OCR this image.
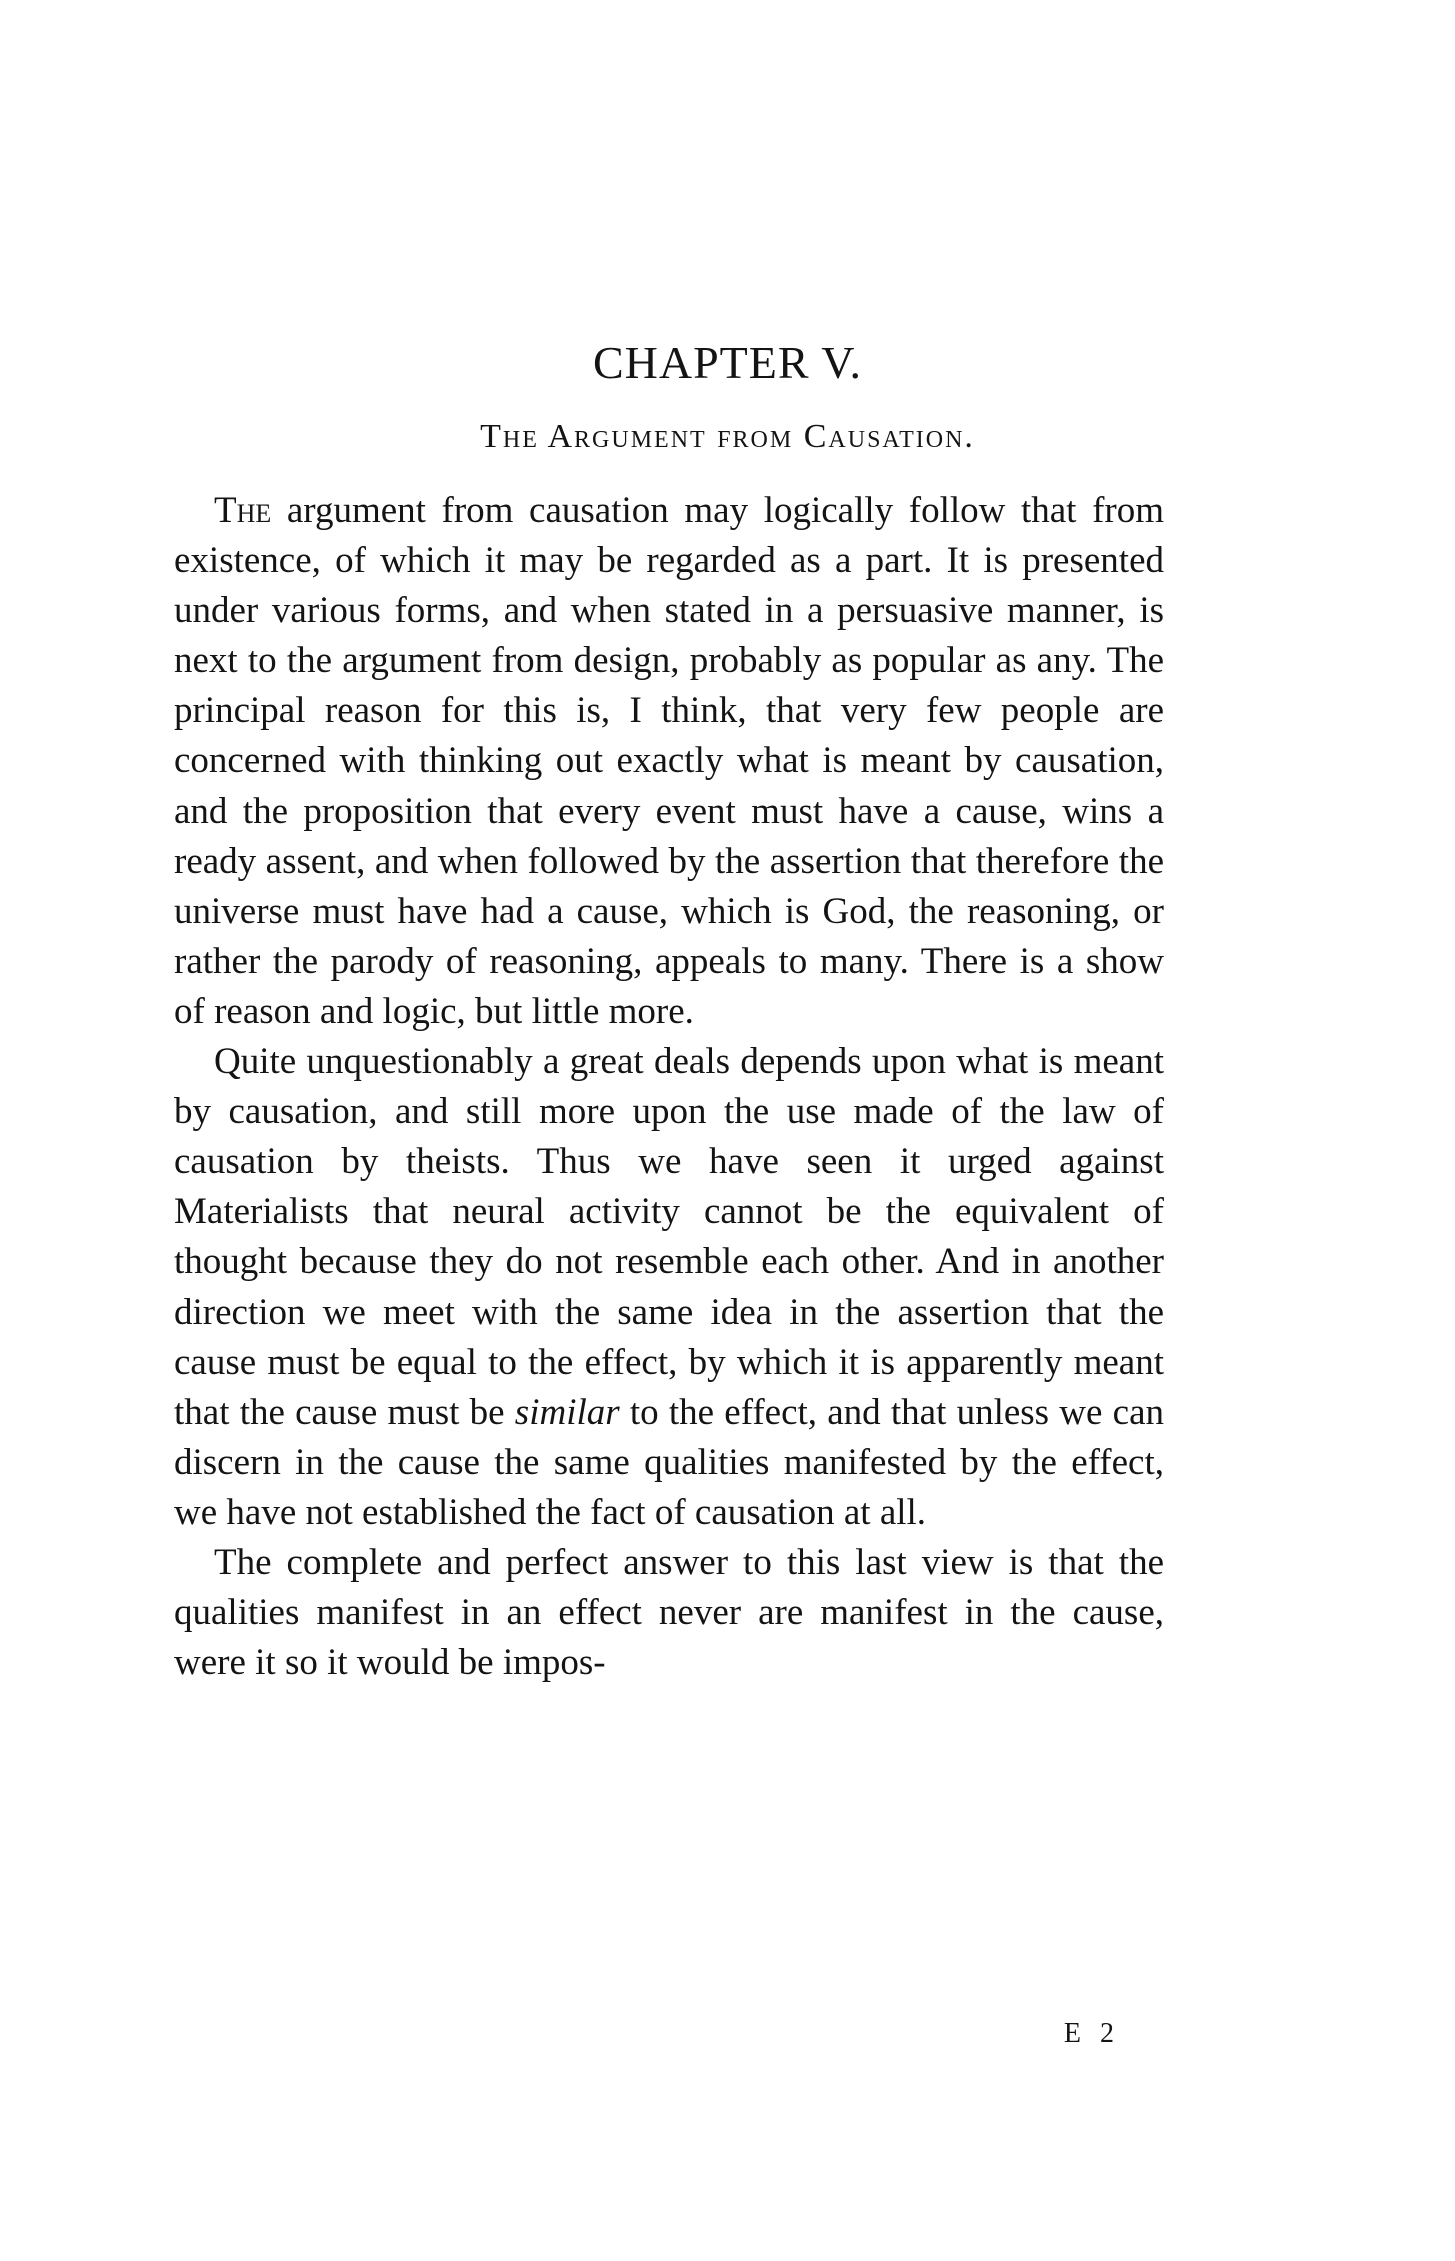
CHAPTER V.
The Argument from Causation.

The argument from causation may logically follow that from existence, of which it may be regarded as a part. It is presented under various forms, and when stated in a persuasive manner, is next to the argument from design, probably as popular as any. The principal reason for this is, I think, that very few people are concerned with thinking out exactly what is meant by causation, and the proposition that every event must have a cause, wins a ready assent, and when followed by the assertion that therefore the universe must have had a cause, which is God, the reasoning, or rather the parody of reasoning, appeals to many. There is a show of reason and logic, but little more.

Quite unquestionably a great deals depends upon what is meant by causation, and still more upon the use made of the law of causation by theists. Thus we have seen it urged against Materialists that neural activity cannot be the equivalent of thought because they do not resemble each other. And in another direction we meet with the same idea in the assertion that the cause must be equal to the effect, by which it is apparently meant that the cause must be similar to the effect, and that unless we can discern in the cause the same qualities manifested by the effect, we have not established the fact of causation at all.

The complete and perfect answer to this last view is that the qualities manifest in an effect never are manifest in the cause, were it so it would be impos-

E 2
